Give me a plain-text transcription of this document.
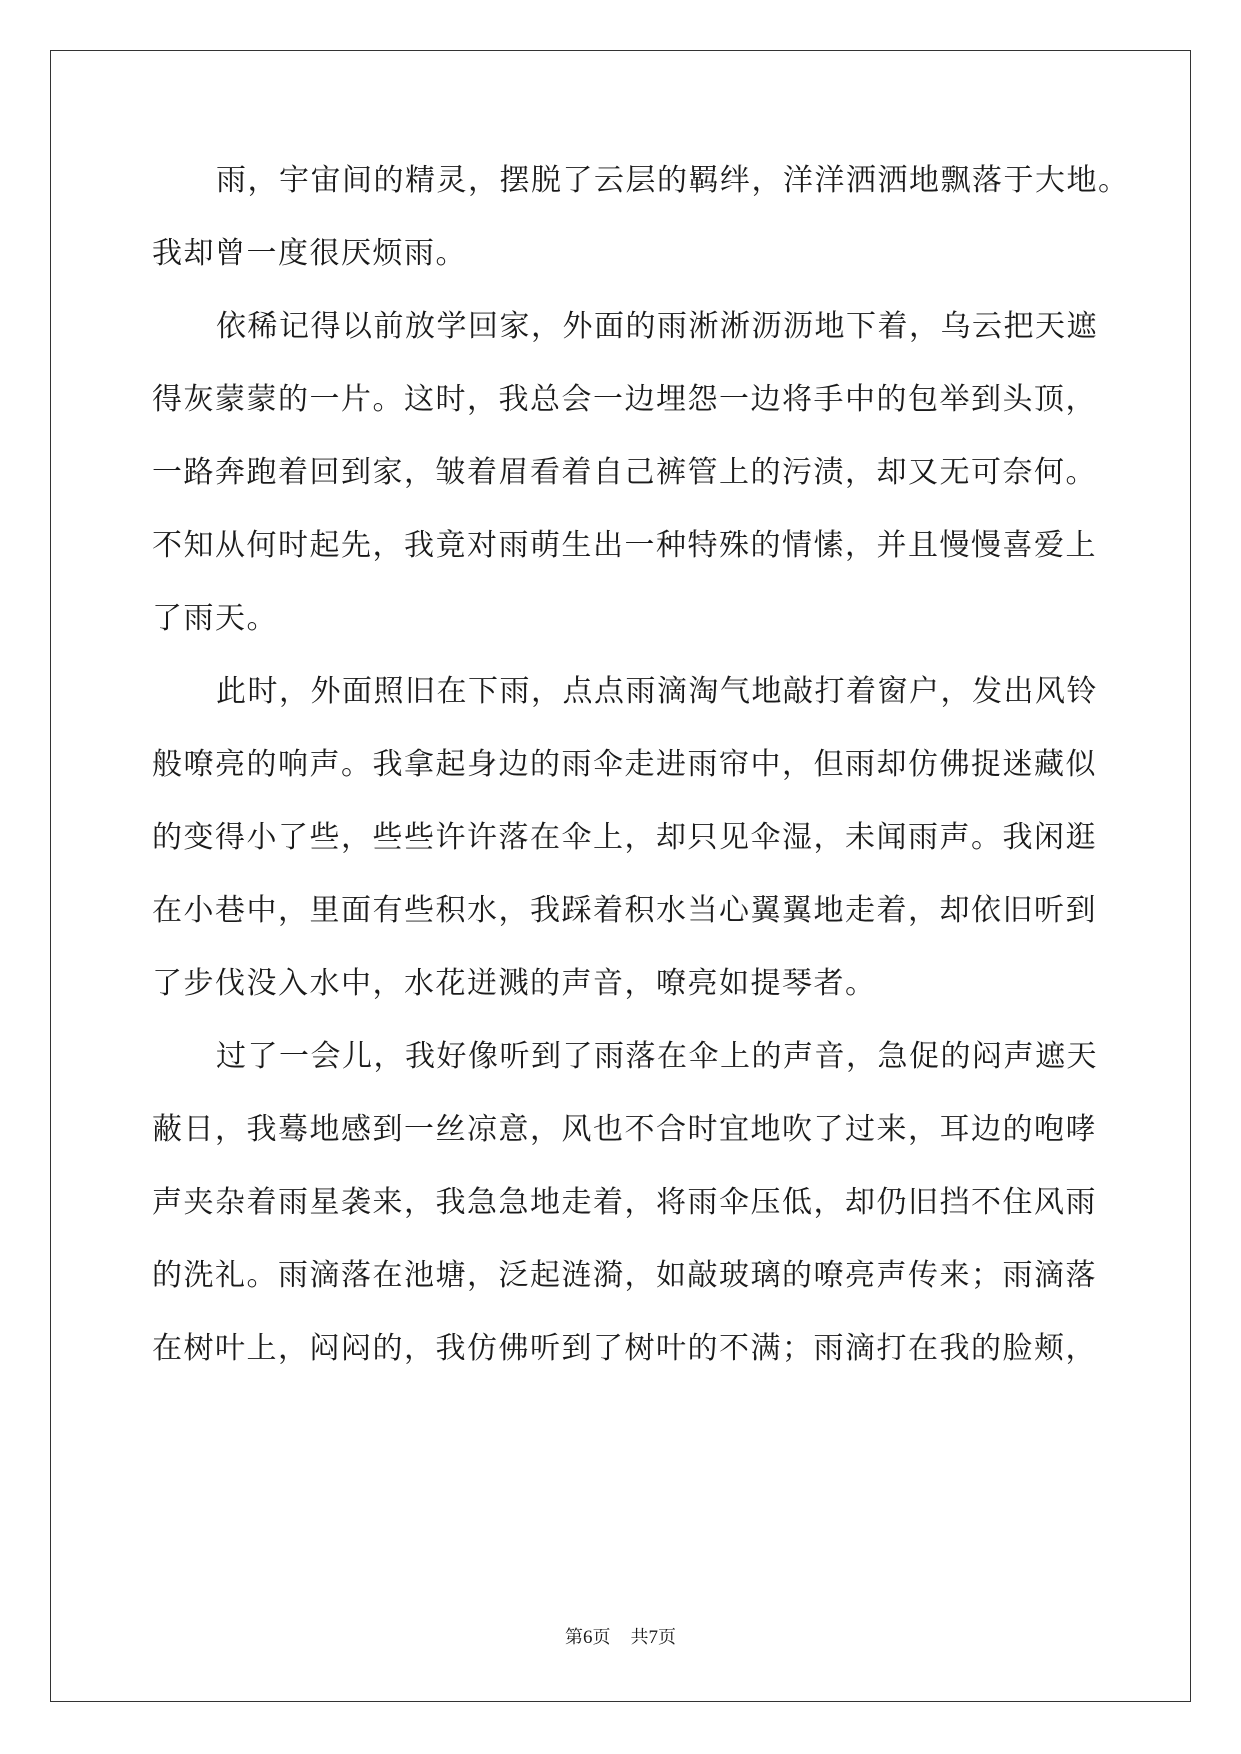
雨，宇宙间的精灵，摆脱了云层的羁绊，洋洋洒洒地飘落于大地。
我却曾一度很厌烦雨。
依稀记得以前放学回家，外面的雨淅淅沥沥地下着，乌云把天遮
得灰蒙蒙的一片。这时，我总会一边埋怨一边将手中的包举到头顶，
一路奔跑着回到家，皱着眉看着自己裤管上的污渍，却又无可奈何。
不知从何时起先，我竟对雨萌生出一种特殊的情愫，并且慢慢喜爱上
了雨天。
此时，外面照旧在下雨，点点雨滴淘气地敲打着窗户，发出风铃
般嘹亮的响声。我拿起身边的雨伞走进雨帘中，但雨却仿佛捉迷藏似
的变得小了些，些些许许落在伞上，却只见伞湿，未闻雨声。我闲逛
在小巷中，里面有些积水，我踩着积水当心翼翼地走着，却依旧听到
了步伐没入水中，水花迸溅的声音，嘹亮如提琴者。
过了一会儿，我好像听到了雨落在伞上的声音，急促的闷声遮天
蔽日，我蓦地感到一丝凉意，风也不合时宜地吹了过来，耳边的咆哮
声夹杂着雨星袭来，我急急地走着，将雨伞压低，却仍旧挡不住风雨
的洗礼。雨滴落在池塘，泛起涟漪，如敲玻璃的嘹亮声传来；雨滴落
在树叶上，闷闷的，我仿佛听到了树叶的不满；雨滴打在我的脸颊，
第6页 共7页
